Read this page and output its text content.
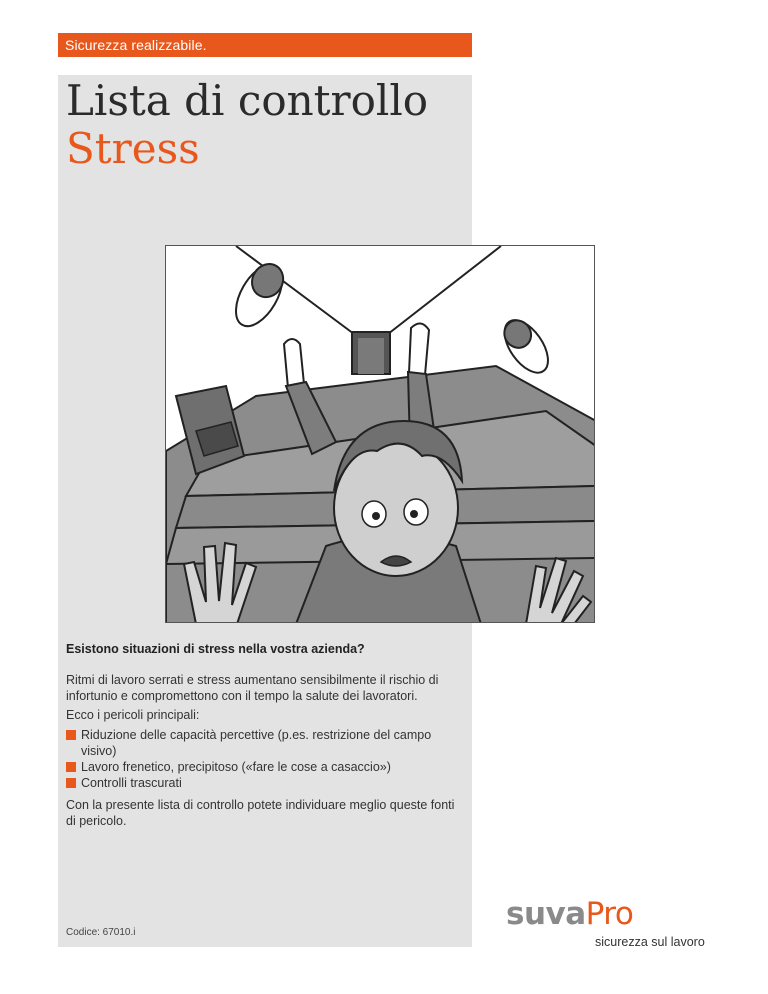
Sicurezza realizzabile.
Lista di controllo
Stress
Esistono situazioni di stress nella vostra azienda?
Ritmi di lavoro serrati e stress aumentano sensibilmente il rischio di infortunio e compromettono con il tempo la salute dei lavoratori.
Ecco i pericoli principali:
Riduzione delle capacità percettive (p.es. restrizione del campo visivo)
Lavoro frenetico, precipitoso («fare le cose a casaccio»)
Controlli trascurati
Con la presente lista di controllo potete individuare meglio queste fonti di pericolo.
Codice: 67010.i
suvaPro
sicurezza sul lavoro
